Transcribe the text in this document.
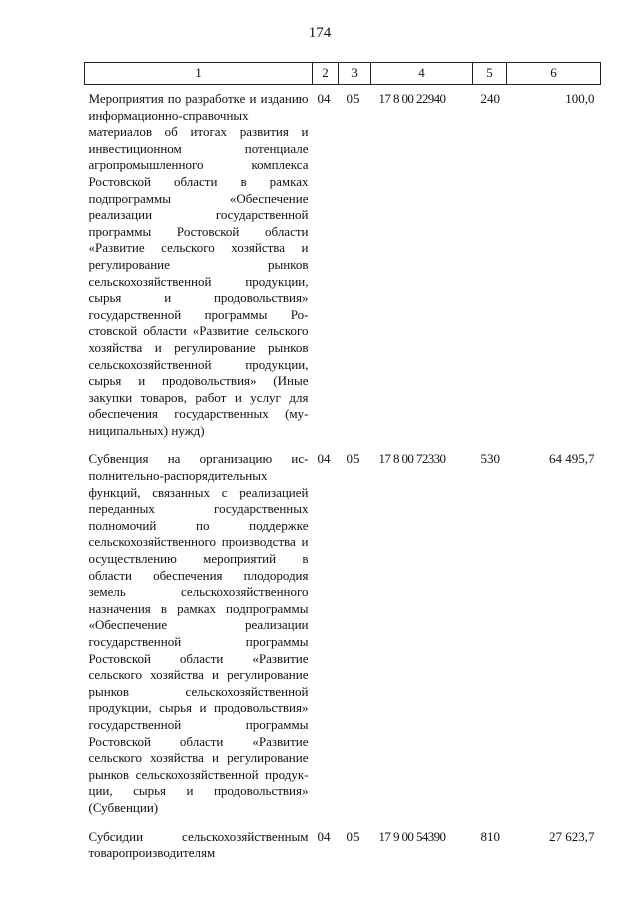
174
1	2	3	4	5	6
Мероприятия по разработке и изданию информационно-справочных материалов об итогах развития и инвестиционном потенциале агропромышленного комплекса Ростовской области в рамках подпрограммы «Обеспечение реализации государственной программы Ростовской области «Развитие сельского хозяйства и регулирование рынков сельскохозяйственной продукции, сырья и продовольствия» государственной программы Ростовской области «Развитие сельского хозяйства и регулирование рынков сельскохозяйственной продукции, сырья и продовольствия» (Иные закупки товаров, работ и услуг для обеспечения государственных (муниципальных) нужд)	04	05	17 8 00 22940	240	100,0
Субвенция на организацию исполнительно-распорядительных функций, связанных с реализацией переданных государственных полномочий по поддержке сельскохозяйственного производства и осуществлению мероприятий в области обеспечения плодородия земель сельскохозяйственного назначения в рамках подпрограммы «Обеспечение реализации государственной программы Ростовской области «Развитие сельского хозяйства и регулирование рынков сельскохозяйственной продукции, сырья и продовольствия» государственной программы Ростовской области «Развитие сельского хозяйства и регулирование рынков сельскохозяйственной продукции, сырья и продовольствия» (Субвенции)	04	05	17 8 00 72330	530	64 495,7
Субсидии сельскохозяйственным товаропроизводителям	04	05	17 9 00 54390	810	27 623,7
